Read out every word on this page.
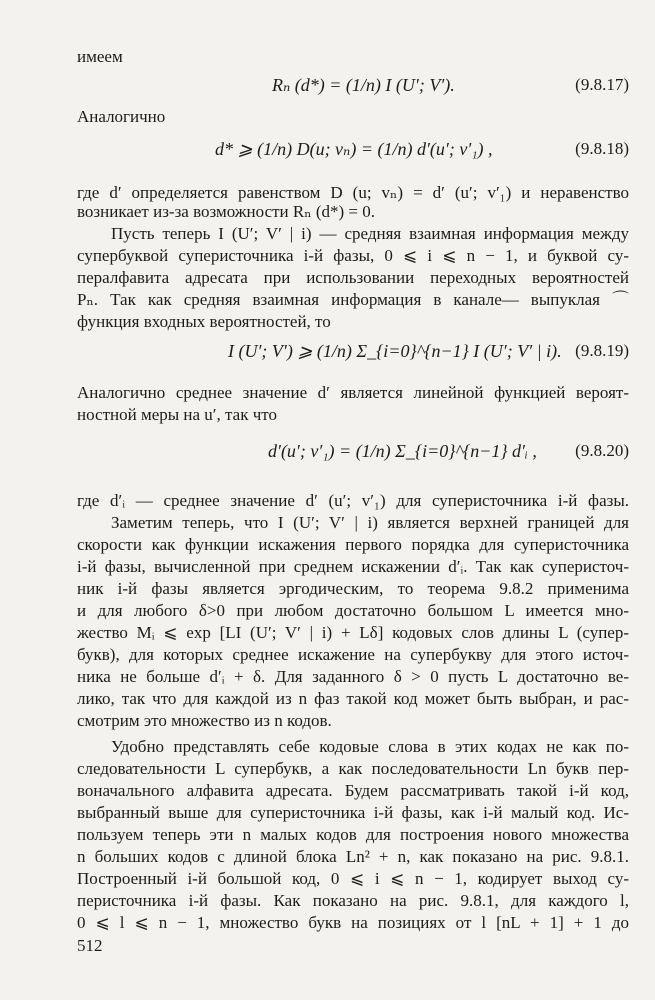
имеем
Rₙ (d*) = (1/n) I (U′; V′).	(9.8.17)
Аналогично
d* ⩾ (1/n) D(u; vₙ) = (1/n) d′(u′; v′₁) ,	(9.8.18)
где d′ определяется равенством D (u; vₙ) = d′ (u′; v′₁) и неравенство
возникает из-за возможности Rₙ (d*) = 0.
Пусть теперь I (U′; V′ | i) — средняя взаимная информация между
супербуквой суперисточника i-й фазы, 0 ⩽ i ⩽ n − 1, и буквой су-
пералфавита адресата при использовании переходных вероятностей
Pₙ. Так как средняя взаимная информация в канале— выпуклая ⌒
функция входных вероятностей, то
I (U′; V′) ⩾ (1/n) Σ_{i=0}^{n−1} I (U′; V′ | i). (9.8.19)
Аналогично среднее значение d′ является линейной функцией вероят-
ностной меры на u′, так что
d′(u′; v′₁) = (1/n) Σ_{i=0}^{n−1} d′ᵢ ,	(9.8.20)
где d′ᵢ — среднее значение d′ (u′; v′₁) для суперисточника i-й фазы.
Заметим теперь, что I (U′; V′ | i) является верхней границей для
скорости как функции искажения первого порядка для суперисточника
i-й фазы, вычисленной при среднем искажении d′ᵢ. Так как суперисточ-
ник i-й фазы является эргодическим, то теорема 9.8.2 применима
и для любого δ>0 при любом достаточно большом L имеется мно-
жество Mᵢ ⩽ exp [LI (U′; V′ | i) + Lδ] кодовых слов длины L (супер-
букв), для которых среднее искажение на супербукву для этого источ-
ника не больше d′ᵢ + δ. Для заданного δ > 0 пусть L достаточно ве-
лико, так что для каждой из n фаз такой код может быть выбран, и рас-
смотрим это множество из n кодов.
Удобно представлять себе кодовые слова в этих кодах не как по-
следовательности L супербукв, а как последовательности Ln букв пер-
воначального алфавита адресата. Будем рассматривать такой i-й код,
выбранный выше для суперисточника i-й фазы, как i-й малый код. Ис-
пользуем теперь эти n малых кодов для построения нового множества
n больших кодов с длиной блока Ln² + n, как показано на рис. 9.8.1.
Построенный i-й большой код, 0 ⩽ i ⩽ n − 1, кодирует выход су-
перисточника i-й фазы. Как показано на рис. 9.8.1, для каждого l,
0 ⩽ l ⩽ n − 1, множество букв на позициях от l [nL + 1] + 1 до
512
